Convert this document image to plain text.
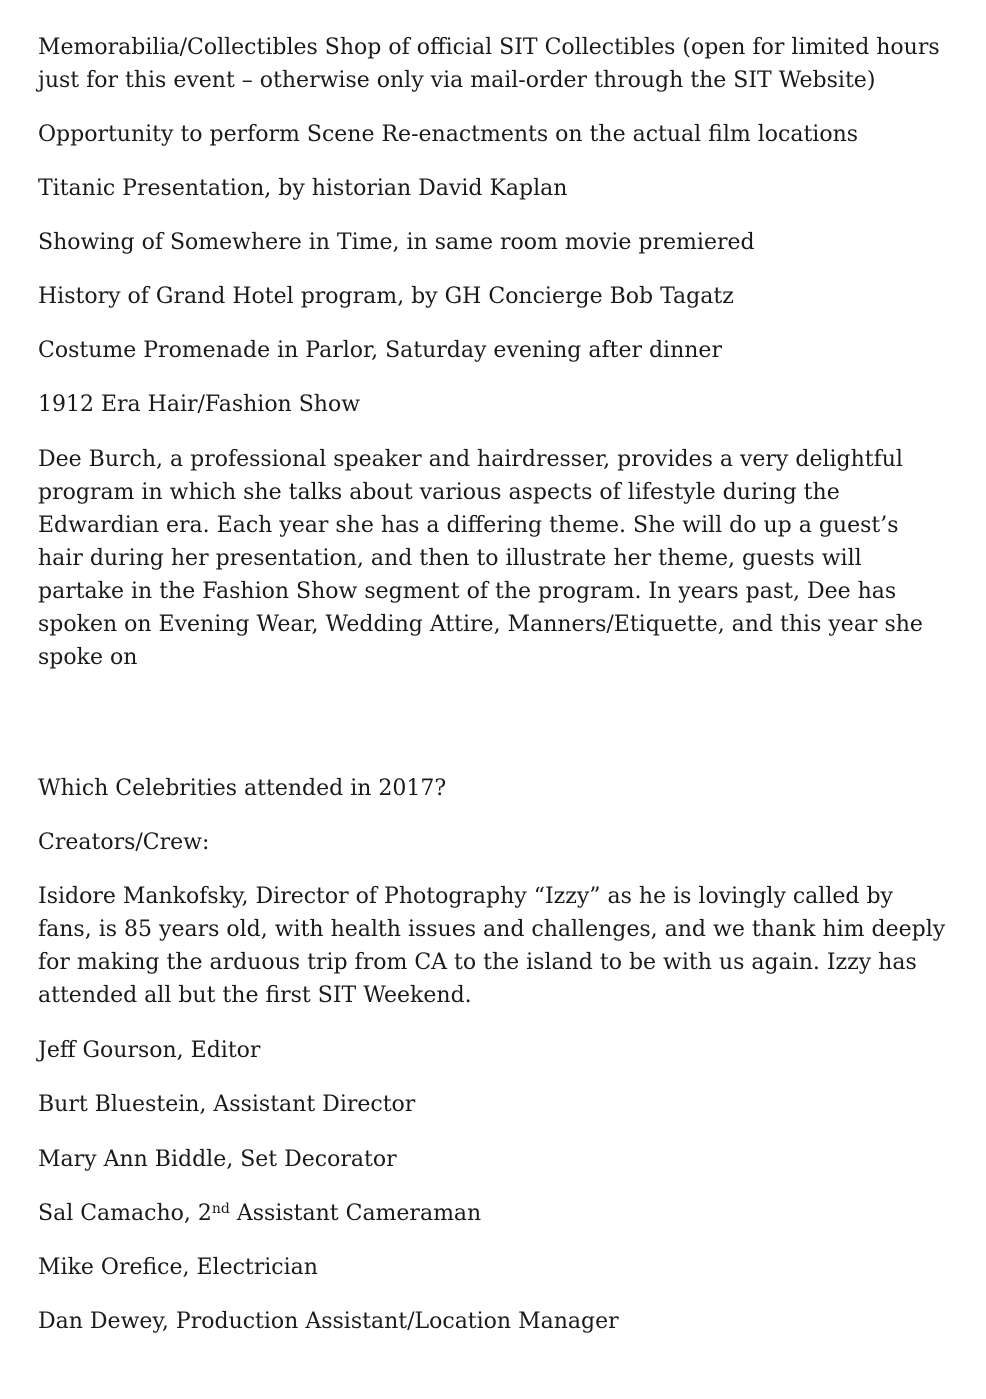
Memorabilia/Collectibles Shop of official SIT Collectibles (open for limited hours just for this event – otherwise only via mail-order through the SIT Website)

Opportunity to perform Scene Re-enactments on the actual film locations

Titanic Presentation, by historian David Kaplan

Showing of Somewhere in Time, in same room movie premiered

History of Grand Hotel program, by GH Concierge Bob Tagatz

Costume Promenade in Parlor, Saturday evening after dinner

1912 Era Hair/Fashion Show

Dee Burch, a professional speaker and hairdresser, provides a very delightful program in which she talks about various aspects of lifestyle during the Edwardian era. Each year she has a differing theme. She will do up a guest’s hair during her presentation, and then to illustrate her theme, guests will partake in the Fashion Show segment of the program. In years past, Dee has spoken on Evening Wear, Wedding Attire, Manners/Etiquette, and this year she spoke on

Which Celebrities attended in 2017?

Creators/Crew:

Isidore Mankofsky, Director of Photography “Izzy” as he is lovingly called by fans, is 85 years old, with health issues and challenges, and we thank him deeply for making the arduous trip from CA to the island to be with us again. Izzy has attended all but the first SIT Weekend.

Jeff Gourson, Editor

Burt Bluestein, Assistant Director

Mary Ann Biddle, Set Decorator

Sal Camacho, 2nd Assistant Cameraman

Mike Orefice, Electrician

Dan Dewey, Production Assistant/Location Manager
